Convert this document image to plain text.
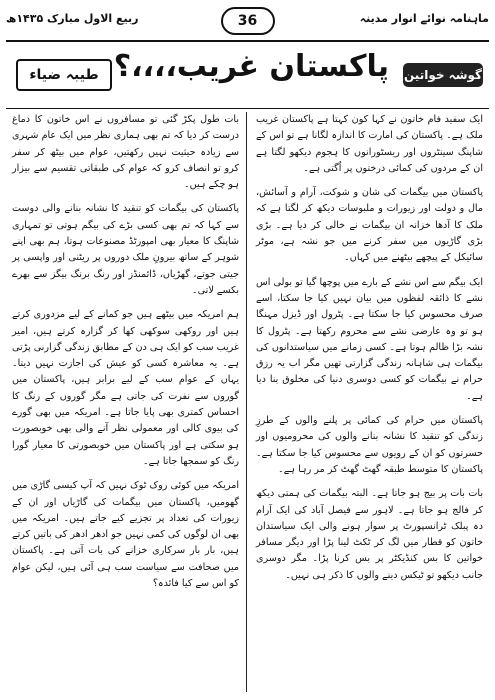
ماہنامہ نوائے انوار مدینہ
36
ربیع الاول مبارک ۱۴۳۵ھ
گوشہ خواتین
پاکستان غریب،،،،؟
طیبہ ضیاء

ایک سفید فام خاتون نے کہا کون کہتا ہے پاکستان غریب ملک ہے۔ پاکستان کی امارت کا اندازہ لگانا ہے تو اس کے شاپنگ سینٹروں اور ریسٹورانوں کا ہجوم دیکھو لگتا ہے ان کے مردوں کی کمائی درختوں پر اُگتی ہے۔

پاکستان میں بیگمات کی شان و شوکت، آرام و آسائش، مال و دولت اور زیورات و ملبوسات دیکھ کر لگتا ہے کہ ملک کا آدھا خزانہ ان بیگمات نے خالی کر دیا ہے۔ بڑی بڑی گاڑیوں میں سفر کرنے میں جو نشہ ہے، موٹر سائیکل کے پیچھے بیٹھنے میں کہاں۔

ایک بیگم سے اس نشے کے بارے میں پوچھا گیا تو بولی اس نشے کا ذائقہ لفظوں میں بیان نہیں کیا جا سکتا، اسے صرف محسوس کیا جا سکتا ہے۔ پٹرول اور ڈیزل مہنگا ہو تو وہ عارضی نشے سے محروم رکھتا ہے۔ پٹرول کا نشہ بڑا ظالم ہوتا ہے۔ کسی زمانے میں سیاستدانوں کی بیگمات ہی شاہانہ زندگی گزارتی تھیں مگر اب یہ رزق حرام نے بیگمات کو کسی دوسری دنیا کی مخلوق بنا دیا ہے۔

پاکستان میں حرام کی کمائی پر پلنے والوں کے طرزِ زندگی کو تنقید کا نشانہ بنانے والوں کی محرومیوں اور حسرتوں کو ان کے رویوں سے محسوس کیا جا سکتا ہے۔ پاکستان کا متوسط طبقہ گھٹ گھٹ کر مر رہا ہے۔

بات بات پر بیج ہو جاتا ہے۔ البتہ بیگمات کی ہمتی دیکھ کر فالج ہو جاتا ہے۔ لاہور سے فیصل آباد کی ایک آرام دہ پبلک ٹرانسپورٹ پر سوار ہونے والی ایک سیاستدان خاتون کو قطار میں لگ کر ٹکٹ لینا پڑا اور دیگر مسافر خواتین کا بس کنڈیکٹر پر بس کرنا پڑا۔ مگر دوسری جانب دیکھو تو ٹیکس دینے والوں کا ذکر ہی نہیں۔

بات طول پکڑ گئی تو مسافروں نے اس خاتون کا دماغ درست کر دیا کہ تم بھی ہماری نظر میں ایک عام شہری سے زیادہ حیثیت نہیں رکھتیں، عوام میں بیٹھ کر سفر کرو تو انصاف کرو کہ عوام کی طبقاتی تقسیم سے بیزار ہو چکے ہیں۔

پاکستان کی بیگمات کو تنقید کا نشانہ بنانے والی دوست سے کہا کہ تم بھی کسی بڑے کی بیگم ہوتی تو تمہاری شاپنگ کا معیار بھی امپورٹڈ مصنوعات ہوتا، ہم بھی اپنے شوہر کے ساتھ بیرونِ ملک دوروں پر ریٹنی اور واپسی پر جیتی جوتے، گھڑیاں، ڈائمنڈز اور رنگ برنگ بیگز سے بھرے بکسے لاتی۔

ہم امریکہ میں بیٹھے ہیں جو کمانے کے لیے مزدوری کرتے ہیں اور روکھی سوکھی کھا کر گزارہ کرتے ہیں، امیر غریب سب کو ایک ہی دن کے مطابق زندگی گزارنی پڑتی ہے۔ یہ معاشرہ کسی کو عیش کی اجازت نہیں دیتا۔ یہاں کے عوام سب کے لیے برابر ہیں، پاکستان میں گوروں سے نفرت کی جاتی ہے مگر گوروں کے رنگ کا احساس کمتری بھی پایا جاتا ہے۔ امریکہ میں بھی گورے کی بیوی کالی اور معمولی نظر آنے والی بھی خوبصورت ہو سکتی ہے اور پاکستان میں خوبصورتی کا معیار گورا رنگ کو سمجھا جاتا ہے۔

امریکہ میں کوئی روک ٹوک نہیں کہ آپ کیسی گاڑی میں گھومیں، پاکستان میں بیگمات کی گاڑیاں اور ان کے زیورات کی تعداد پر تجزیے کیے جاتے ہیں۔ امریکہ میں بھی ان لوگوں کی کمی نہیں جو ادھر ادھر کی باتیں کرتے ہیں، بار بار سرکاری خزانے کی بات آتی ہے۔ پاکستان میں صحافت سے سیاست سب ہی آئی ہیں، لیکن عوام کو اس سے کیا فائدہ؟
